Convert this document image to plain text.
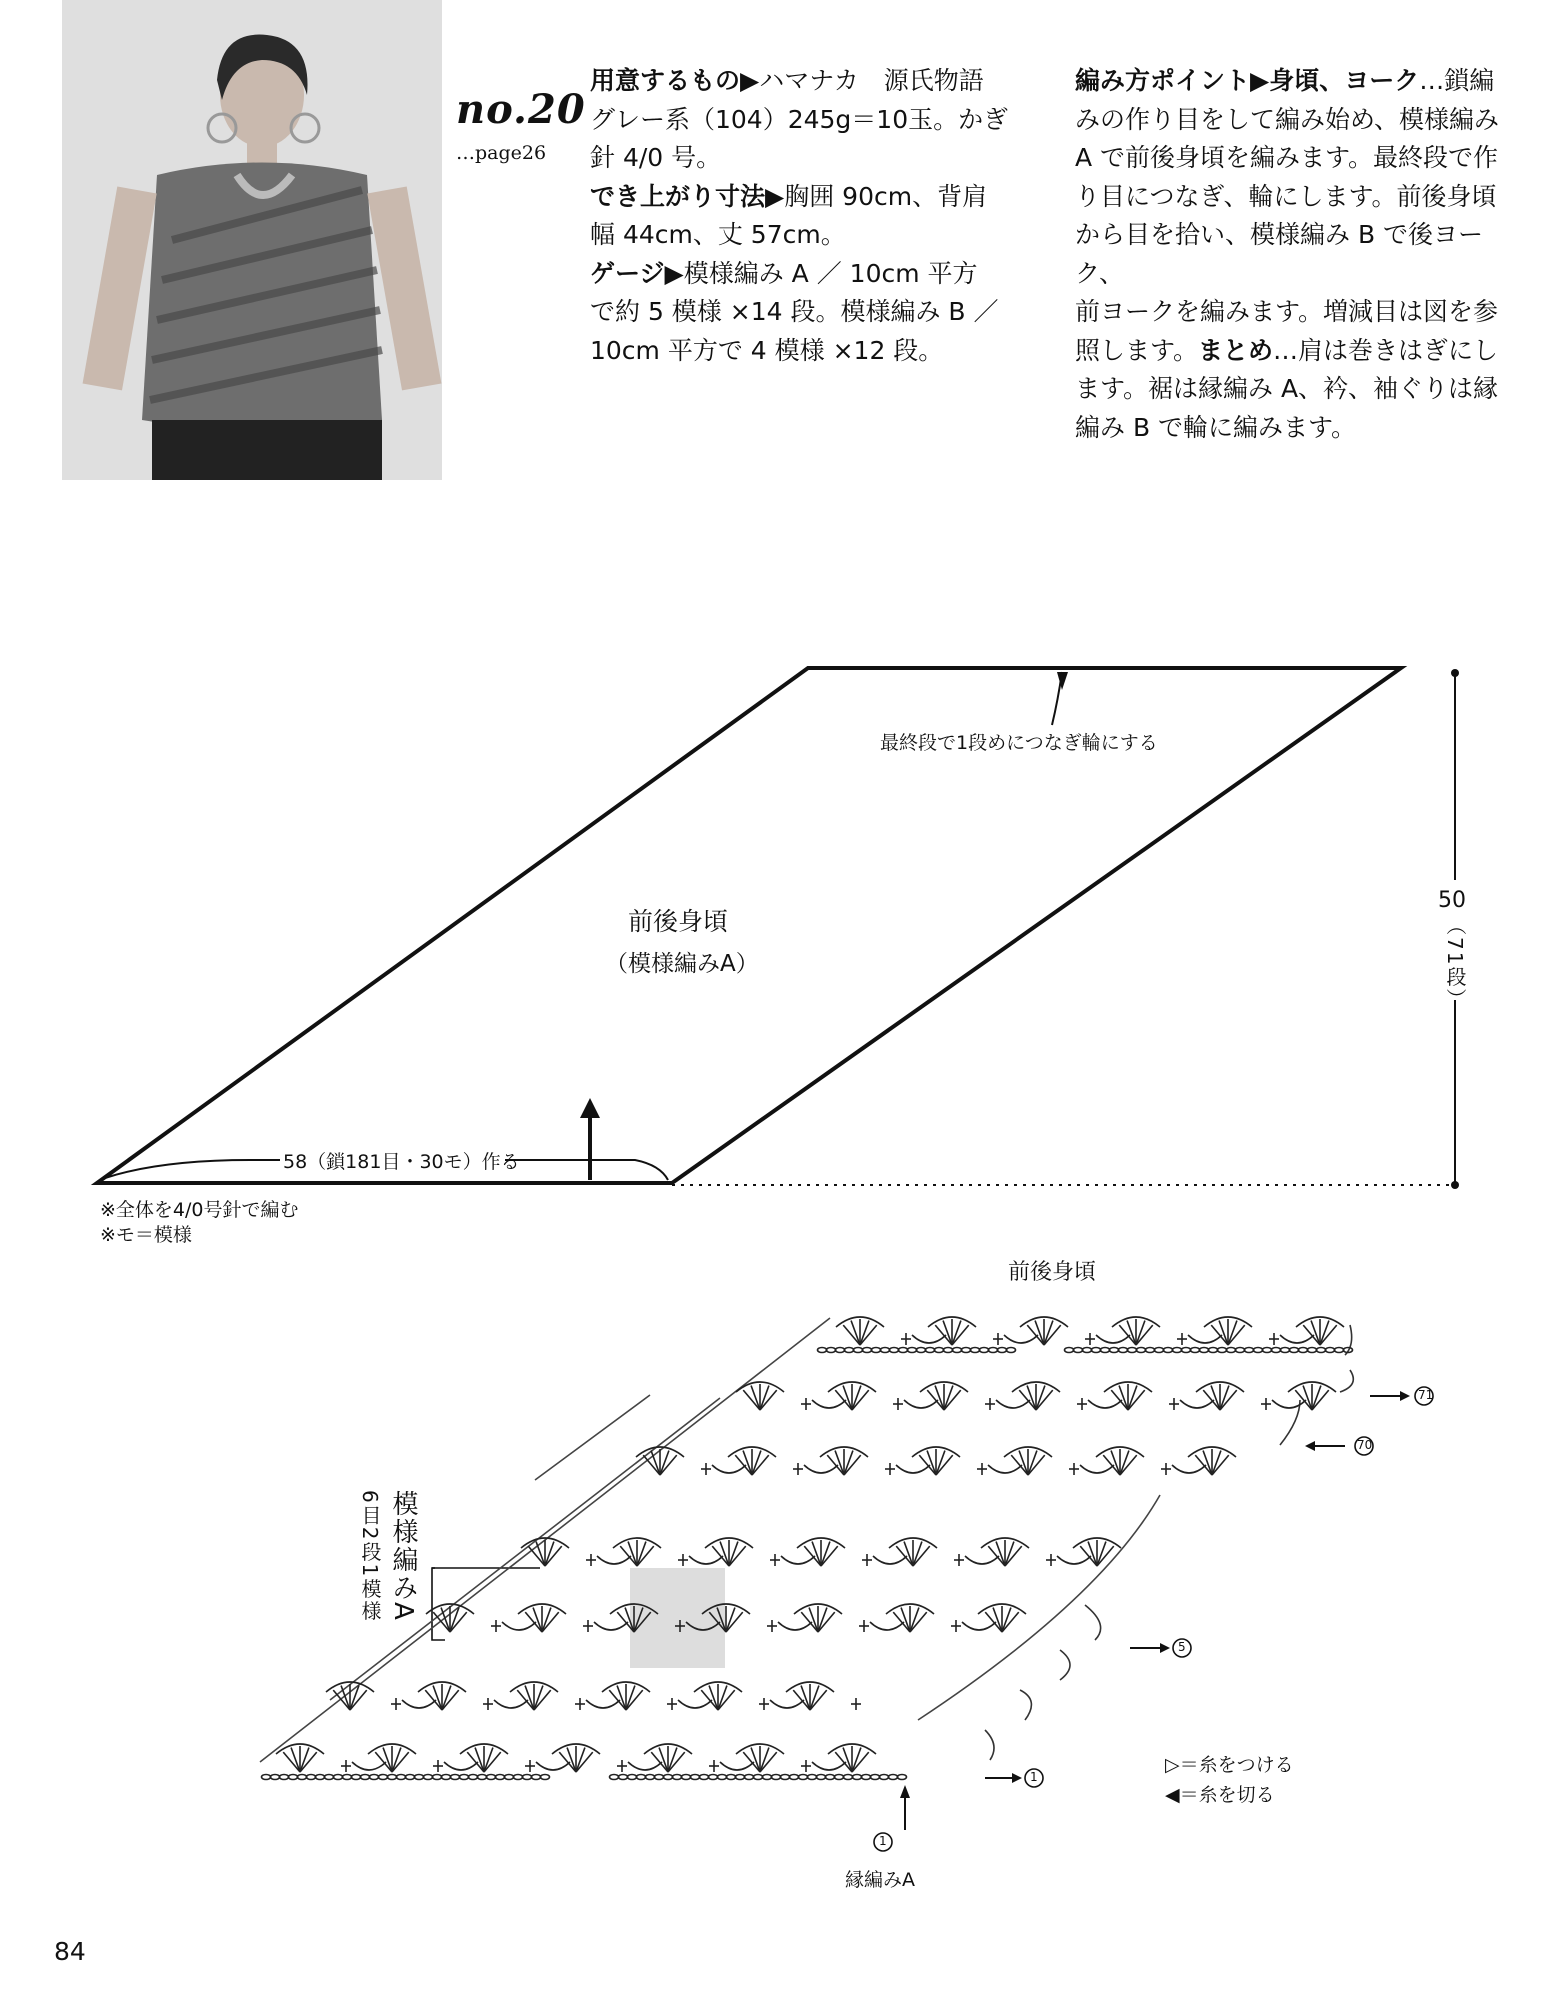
no.20
…page26
用意するもの▶ハマナカ　源氏物語
グレー系（104）245g＝10玉。かぎ
針 4/0 号。
でき上がり寸法▶胸囲 90cm、背肩
幅 44cm、丈 57cm。
ゲージ▶模様編み A ／ 10cm 平方
で約 5 模様 ×14 段。模様編み B ／
10cm 平方で 4 模様 ×12 段。
編み方ポイント▶身頃、ヨーク…鎖編
みの作り目をして編み始め、模様編み
A で前後身頃を編みます。最終段で作
り目につなぎ、輪にします。前後身頃
から目を拾い、模様編み B で後ヨーク、
前ヨークを編みます。増減目は図を参
照します。まとめ…肩は巻きはぎにし
ます。裾は縁編み A、衿、袖ぐりは縁
編み B で輪に編みます。
最終段で1段めにつなぎ輪にする
前後身頃
（模様編みA）
58（鎖181目・30モ）作る
50
（71段）
※全体を4/0号針で編む
※モ＝模様
前後身頃
模様編みA
6目2段1模様
71
70
5
1
1
縁編みA
▷＝糸をつける
◀＝糸を切る
84
